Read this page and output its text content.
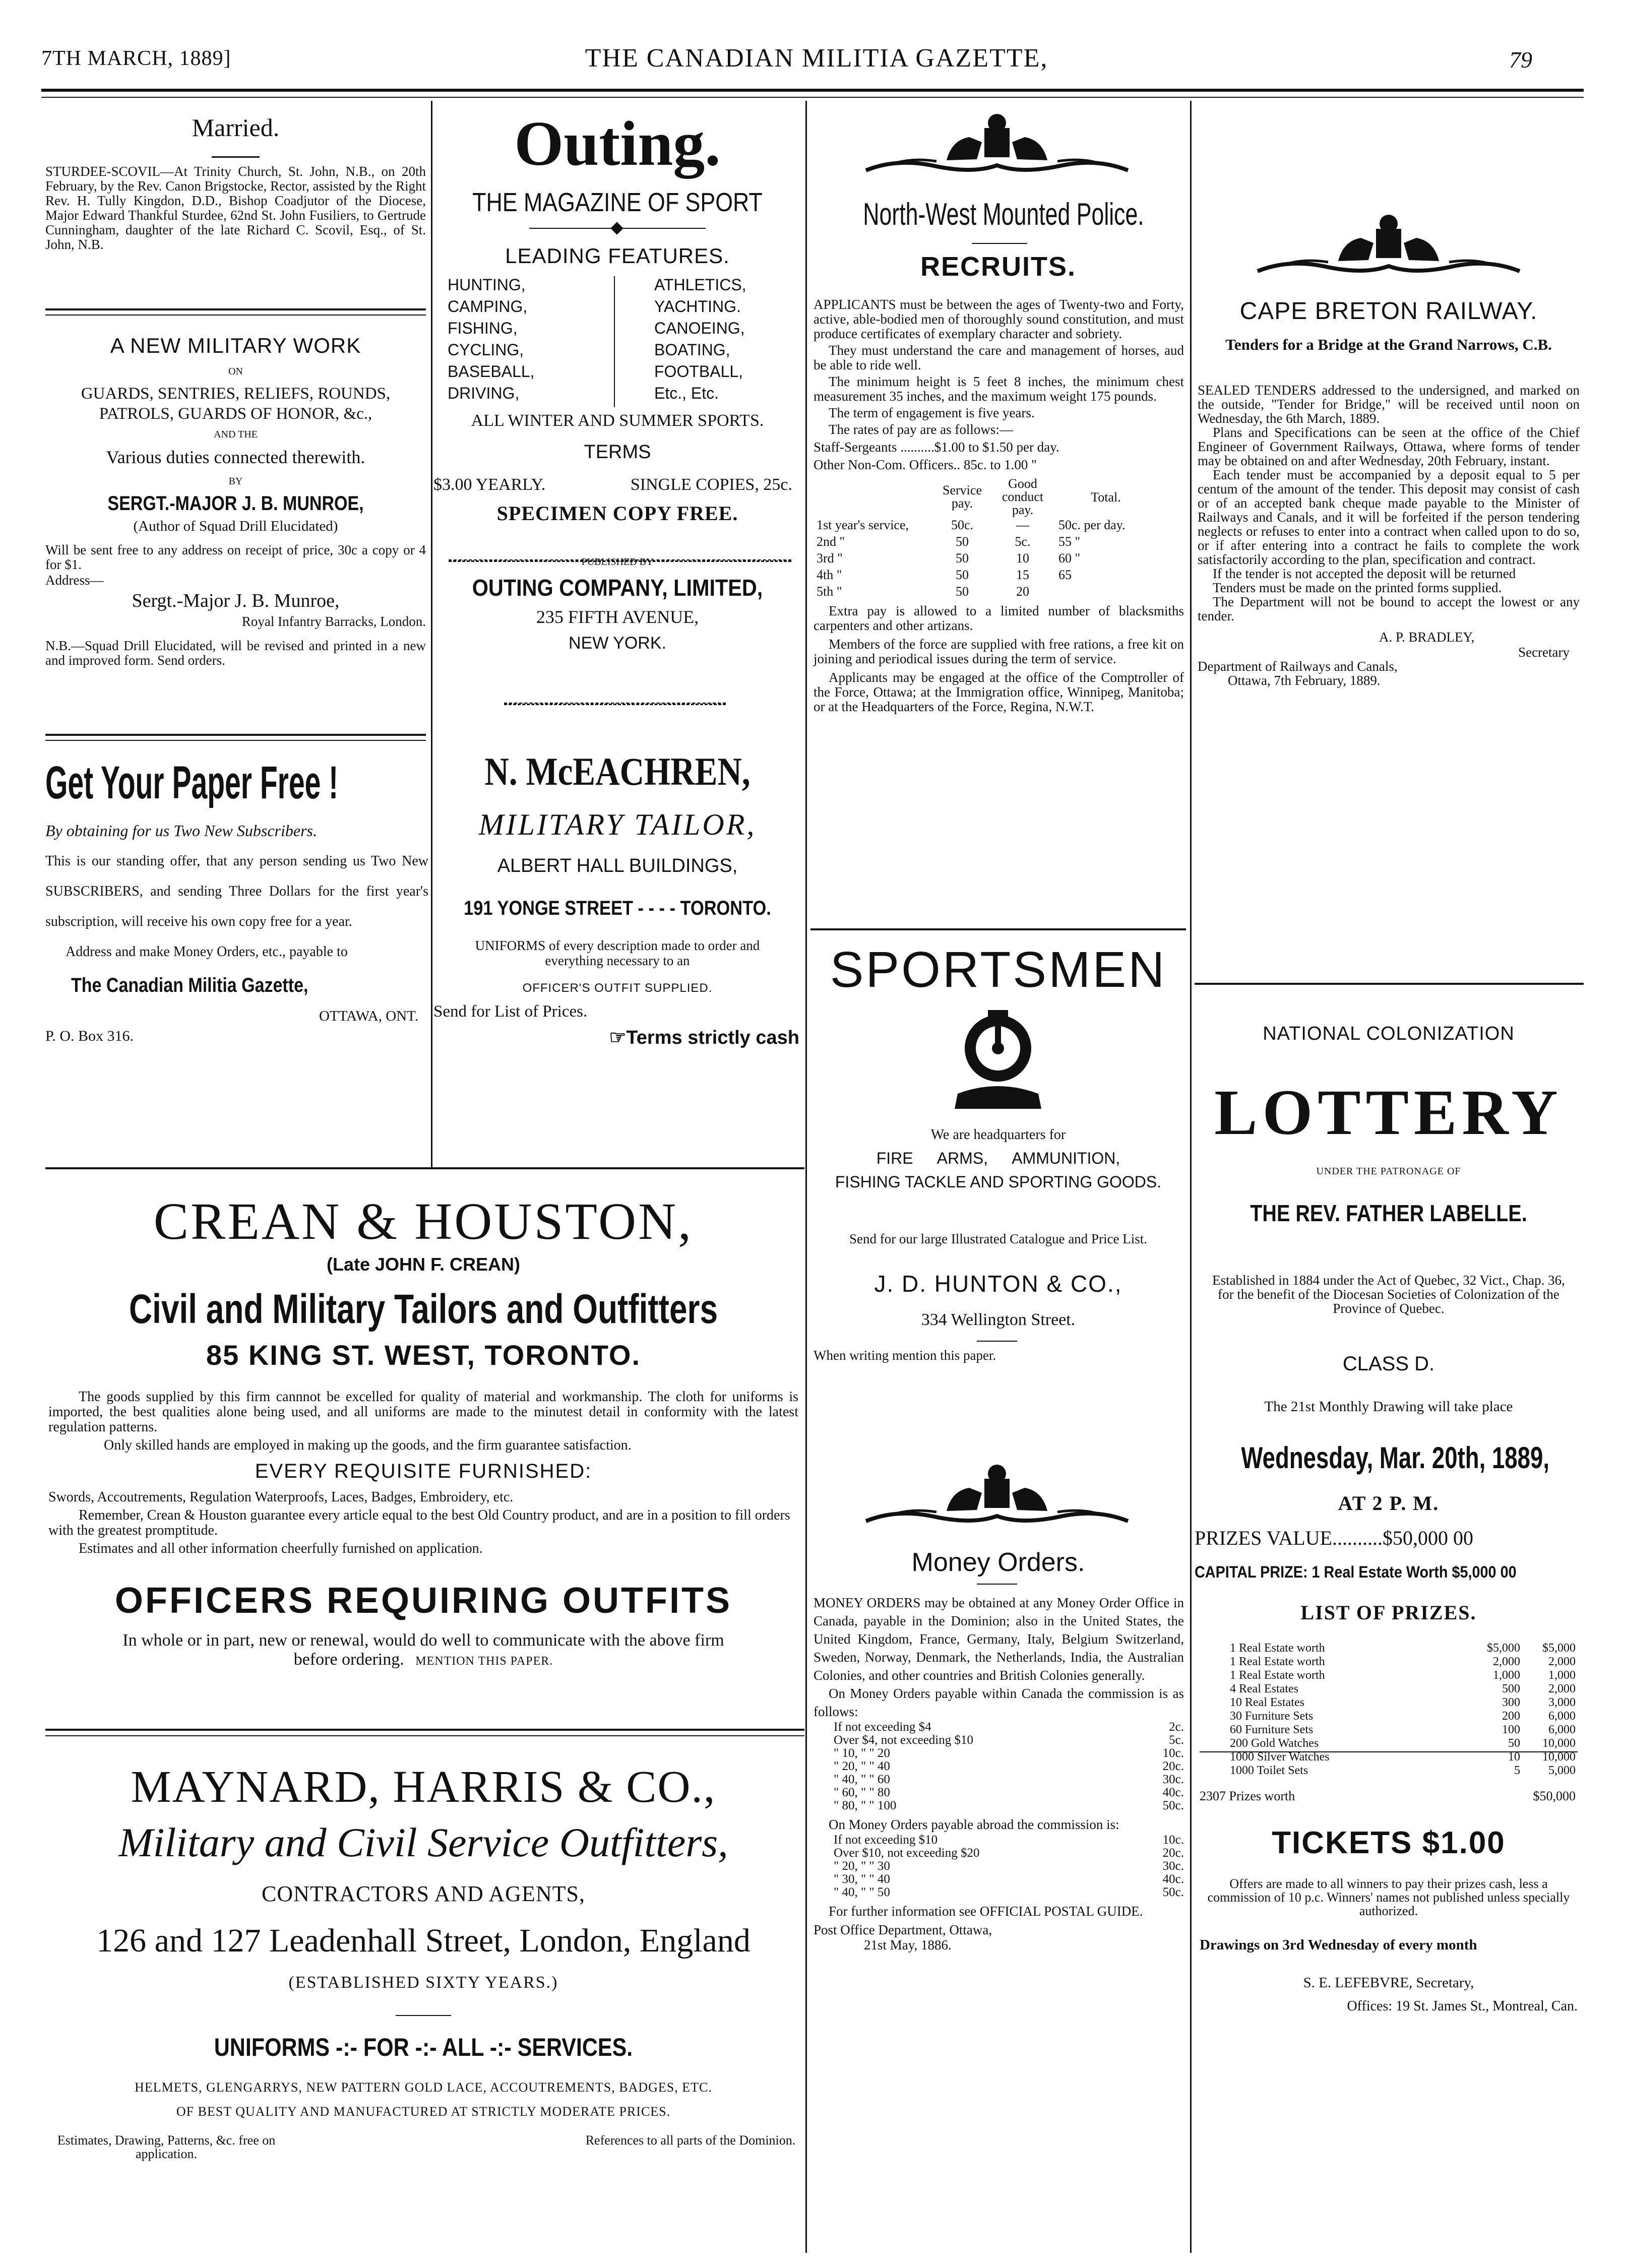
7TH MARCH, 1889]	THE CANADIAN MILITIA GAZETTE,	79
Married.
STURDEE-SCOVIL—At Trinity Church, St. John, N.B., on 20th February, by the Rev. Canon Brigstocke, Rector, assisted by the Right Rev. H. Tully Kingdon, D.D., Bishop Coadjutor of the Diocese, Major Edward Thankful Sturdee, 62nd St. John Fusiliers, to Gertrude Cunningham, daughter of the late Richard C. Scovil, Esq., of St. John, N.B.
A NEW MILITARY WORK
ON
GUARDS, SENTRIES, RELIEFS, ROUNDS, PATROLS, GUARDS OF HONOR, &c.,
AND THE
Various duties connected therewith.
BY
SERGT.-MAJOR J. B. MUNROE,
(Author of Squad Drill Elucidated)
Will be sent free to any address on receipt of price, 30c a copy or 4 for $1.
Address—
Sergt.-Major J. B. Munroe,
Royal Infantry Barracks, London.
N.B.—Squad Drill Elucidated, will be revised and printed in a new and improved form. Send orders.
Get Your Paper Free !
By obtaining for us Two New Subscribers.
This is our standing offer, that any person sending us Two New SUBSCRIBERS, and sending Three Dollars for the first year's subscription, will receive his own copy free for a year.
Address and make Money Orders, etc., payable to
The Canadian Militia Gazette,
OTTAWA, ONT.
P. O. Box 316.
Outing.
THE MAGAZINE OF SPORT
LEADING FEATURES.
HUNTING,
CAMPING,
FISHING,
CYCLING,
BASEBALL,
DRIVING,
ATHLETICS,
YACHTING.
CANOEING,
BOATING,
FOOTBALL,
Etc., Etc.
ALL WINTER AND SUMMER SPORTS.
TERMS
$3.00 YEARLY.	SINGLE COPIES, 25c.
SPECIMEN COPY FREE.
PUBLISHED BY
OUTING COMPANY, LIMITED,
235 FIFTH AVENUE,
NEW YORK.
N. McEACHREN,
MILITARY TAILOR,
ALBERT HALL BUILDINGS,
191 YONGE STREET - - - - TORONTO.
UNIFORMS of every description made to order and everything necessary to an
OFFICER'S OUTFIT SUPPLIED.
Send for List of Prices.
☞Terms strictly cash
CREAN & HOUSTON,
(Late JOHN F. CREAN)
Civil and Military Tailors and Outfitters
85 KING ST. WEST, TORONTO.
The goods supplied by this firm cannnot be excelled for quality of material and workmanship. The cloth for uniforms is imported, the best qualities alone being used, and all uniforms are made to the minutest detail in conformity with the latest regulation patterns.
Only skilled hands are employed in making up the goods, and the firm guarantee satisfaction.
EVERY REQUISITE FURNISHED:
Swords, Accoutrements, Regulation Waterproofs, Laces, Badges, Embroidery, etc.
Remember, Crean & Houston guarantee every article equal to the best Old Country product, and are in a position to fill orders with the greatest promptitude.
Estimates and all other information cheerfully furnished on application.
OFFICERS REQUIRING OUTFITS
In whole or in part, new or renewal, would do well to communicate with the above firm before ordering. MENTION THIS PAPER.
MAYNARD, HARRIS & CO.,
Military and Civil Service Outfitters,
CONTRACTORS AND AGENTS,
126 and 127 Leadenhall Street, London, England
(ESTABLISHED SIXTY YEARS.)
UNIFORMS -:- FOR -:- ALL -:- SERVICES.
HELMETS, GLENGARRYS, NEW PATTERN GOLD LACE, ACCOUTREMENTS, BADGES, ETC.
OF BEST QUALITY AND MANUFACTURED AT STRICTLY MODERATE PRICES.
Estimates, Drawing, Patterns, &c. free on application.
References to all parts of the Dominion.
North-West Mounted Police.
RECRUITS.
APPLICANTS must be between the ages of Twenty-two and Forty, active, able-bodied men of thoroughly sound constitution, and must produce certificates of exemplary character and sobriety.
They must understand the care and management of horses, aud be able to ride well.
The minimum height is 5 feet 8 inches, the minimum chest measurement 35 inches, and the maximum weight 175 pounds.
The term of engagement is five years.
The rates of pay are as follows:—
Staff-Sergeants ..........$1.00 to $1.50 per day.
Other Non-Com. Officers.. 85c. to 1.00 "
	Service pay.	Good conduct pay.	Total.
1st year's service,	50c.	—	50c. per day.
2nd "	50	5c.	55 "
3rd "	50	10	60 "
4th "	50	15	65
5th "	50	20	
Extra pay is allowed to a limited number of blacksmiths carpenters and other artizans.
Members of the force are supplied with free rations, a free kit on joining and periodical issues during the term of service.
Applicants may be engaged at the office of the Comptroller of the Force, Ottawa; at the Immigration office, Winnipeg, Manitoba; or at the Headquarters of the Force, Regina, N.W.T.
SPORTSMEN
We are headquarters for
FIRE ARMS, AMMUNITION,
FISHING TACKLE AND SPORTING GOODS.
Send for our large Illustrated Catalogue and Price List.
J. D. HUNTON & CO.,
334 Wellington Street.
When writing mention this paper.
Money Orders.
MONEY ORDERS may be obtained at any Money Order Office in Canada, payable in the Dominion; also in the United States, the United Kingdom, France, Germany, Italy, Belgium Switzerland, Sweden, Norway, Denmark, the Netherlands, India, the Australian Colonies, and other countries and British Colonies generally.
On Money Orders payable within Canada the commission is as follows:
If not exceeding $4	2c.
Over $4, not exceeding $10	5c.
" 10, " " 20	10c.
" 20, " " 40	20c.
" 40, " " 60	30c.
" 60, " " 80	40c.
" 80, " " 100	50c.
On Money Orders payable abroad the commission is:
If not exceeding $10	10c.
Over $10, not exceeding $20	20c.
" 20, " " 30	30c.
" 30, " " 40	40c.
" 40, " " 50	50c.
For further information see OFFICIAL POSTAL GUIDE.
Post Office Department, Ottawa,
21st May, 1886.
CAPE BRETON RAILWAY.
Tenders for a Bridge at the Grand Narrows, C.B.
SEALED TENDERS addressed to the undersigned, and marked on the outside, "Tender for Bridge," will be received until noon on Wednesday, the 6th March, 1889.
Plans and Specifications can be seen at the office of the Chief Engineer of Government Railways, Ottawa, where forms of tender may be obtained on and after Wednesday, 20th February, instant.
Each tender must be accompanied by a deposit equal to 5 per centum of the amount of the tender. This deposit may consist of cash or of an accepted bank cheque made payable to the Minister of Railways and Canals, and it will be forfeited if the person tendering neglects or refuses to enter into a contract when called upon to do so, or if after entering into a contract he fails to complete the work satisfactorily according to the plan, specification and contract.
If the tender is not accepted the deposit will be returned
Tenders must be made on the printed forms supplied.
The Department will not be bound to accept the lowest or any tender.
A. P. BRADLEY,
Secretary
Department of Railways and Canals,
Ottawa, 7th February, 1889.
NATIONAL COLONIZATION
LOTTERY
UNDER THE PATRONAGE OF
THE REV. FATHER LABELLE.
Established in 1884 under the Act of Quebec, 32 Vict., Chap. 36, for the benefit of the Diocesan Societies of Colonization of the Province of Quebec.
CLASS D.
The 21st Monthly Drawing will take place
Wednesday, Mar. 20th, 1889,
AT 2 P. M.
PRIZES VALUE..........$50,000 00
CAPITAL PRIZE: 1 Real Estate Worth $5,000 00
LIST OF PRIZES.
1 Real Estate worth	$5,000	$5,000
1 Real Estate worth	2,000	2,000
1 Real Estate worth	1,000	1,000
4 Real Estates	500	2,000
10 Real Estates	300	3,000
30 Furniture Sets	200	6,000
60 Furniture Sets	100	6,000
200 Gold Watches	50	10,000
1000 Silver Watches	10	10,000
1000 Toilet Sets	5	5,000
2307 Prizes worth	$50,000
TICKETS $1.00
Offers are made to all winners to pay their prizes cash, less a commission of 10 p.c. Winners' names not published unless specially authorized.
Drawings on 3rd Wednesday of every month
S. E. LEFEBVRE, Secretary,
Offices: 19 St. James St., Montreal, Can.
